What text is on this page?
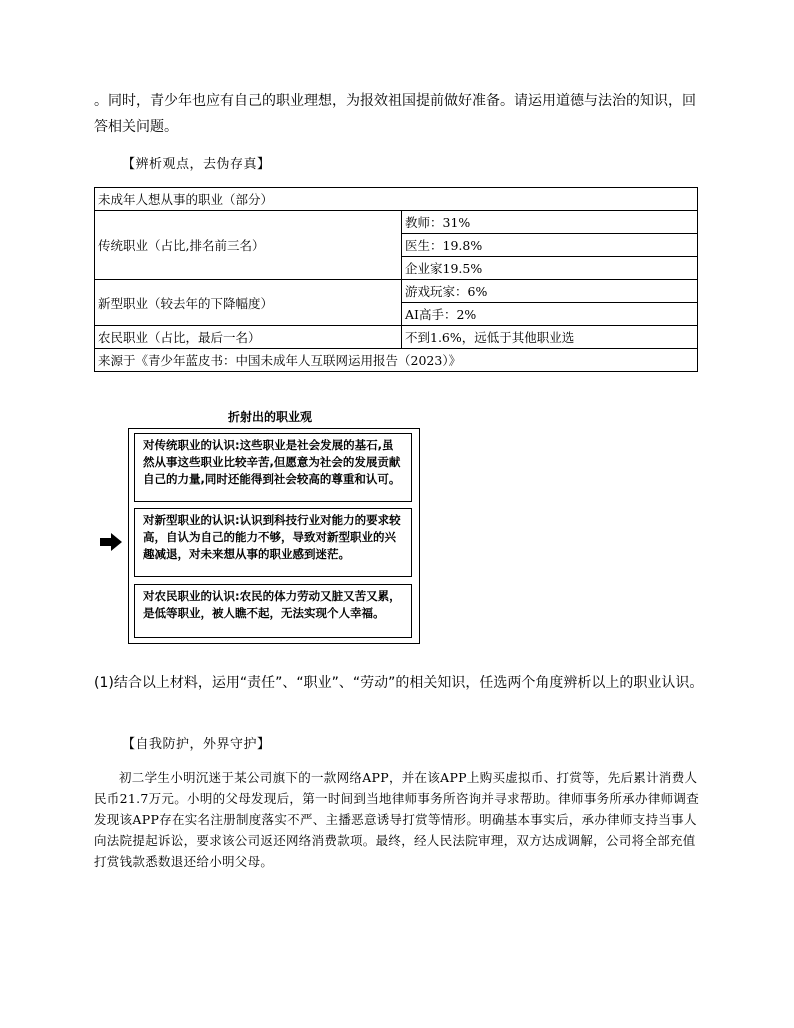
。同时，青少年也应有自己的职业理想，为报效祖国提前做好准备。请运用道德与法治的知识，回答相关问题。
【辨析观点，去伪存真】
未成年人想从事的职业（部分）	
传统职业（占比,排名前三名）	教师：31%
	医生：19.8%
	企业家19.5%
新型职业（较去年的下降幅度）	游戏玩家：6%
	AI高手：2%
农民职业（占比，最后一名）	不到1.6%，远低于其他职业选
来源于《青少年蓝皮书：中国未成年人互联网运用报告（2023）》	
折射出的职业观
对传统职业的认识:这些职业是社会发展的基石,虽然从事这些职业比较辛苦,但愿意为社会的发展贡献自己的力量,同时还能得到社会较高的尊重和认可。
对新型职业的认识:认识到科技行业对能力的要求较高，自认为自己的能力不够，导致对新型职业的兴趣减退，对未来想从事的职业感到迷茫。
对农民职业的认识:农民的体力劳动又脏又苦又累，是低等职业，被人瞧不起，无法实现个人幸福。
(1)结合以上材料，运用“责任”、“职业”、“劳动”的相关知识，任选两个角度辨析以上的职业认识。
【自我防护，外界守护】
初二学生小明沉迷于某公司旗下的一款网络APP，并在该APP上购买虚拟币、打赏等，先后累计消费人民币21.7万元。小明的父母发现后，第一时间到当地律师事务所咨询并寻求帮助。律师事务所承办律师调查发现该APP存在实名注册制度落实不严、主播恶意诱导打赏等情形。明确基本事实后，承办律师支持当事人向法院提起诉讼，要求该公司返还网络消费款项。最终，经人民法院审理，双方达成调解，公司将全部充值打赏钱款悉数退还给小明父母。
